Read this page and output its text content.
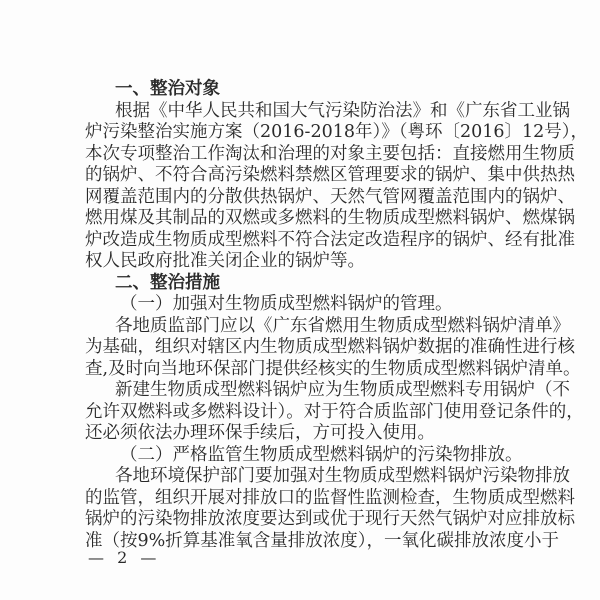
一、整治对象
根据《中华人民共和国大气污染防治法》和《广东省工业锅
炉污染整治实施方案（2016-2018年）》（粤环〔2016〕12号），
本次专项整治工作淘汰和治理的对象主要包括：直接燃用生物质
的锅炉、不符合高污染燃料禁燃区管理要求的锅炉、集中供热热
网覆盖范围内的分散供热锅炉、天然气管网覆盖范围内的锅炉、
燃用煤及其制品的双燃或多燃料的生物质成型燃料锅炉、燃煤锅
炉改造成生物质成型燃料不符合法定改造程序的锅炉、经有批准
权人民政府批准关闭企业的锅炉等。
二、整治措施
（一）加强对生物质成型燃料锅炉的管理。
各地质监部门应以《广东省燃用生物质成型燃料锅炉清单》
为基础，组织对辖区内生物质成型燃料锅炉数据的准确性进行核
查,及时向当地环保部门提供经核实的生物质成型燃料锅炉清单。
新建生物质成型燃料锅炉应为生物质成型燃料专用锅炉（不
允许双燃料或多燃料设计）。对于符合质监部门使用登记条件的，
还必须依法办理环保手续后，方可投入使用。
（二）严格监管生物质成型燃料锅炉的污染物排放。
各地环境保护部门要加强对生物质成型燃料锅炉污染物排放
的监管，组织开展对排放口的监督性监测检查，生物质成型燃料
锅炉的污染物排放浓度要达到或优于现行天然气锅炉对应排放标
准（按9%折算基准氧含量排放浓度），一氧化碳排放浓度小于
— 2 —
